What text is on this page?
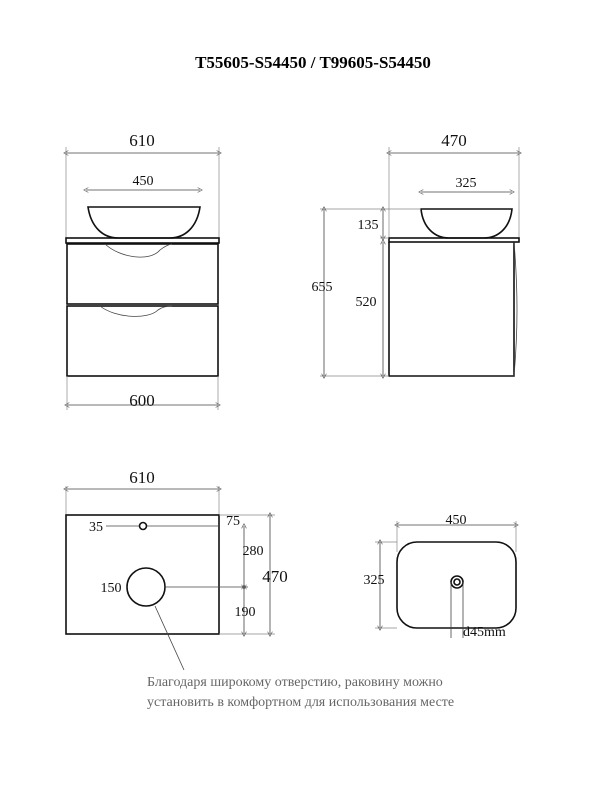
T55605-S54450 / T99605-S54450
610
450
600
470
325
655
135
520
610
35	75
150
280
190
470
450
325
d45mm
Благодаря широкому отверстию, раковину можно
установить в комфортном для использования месте
